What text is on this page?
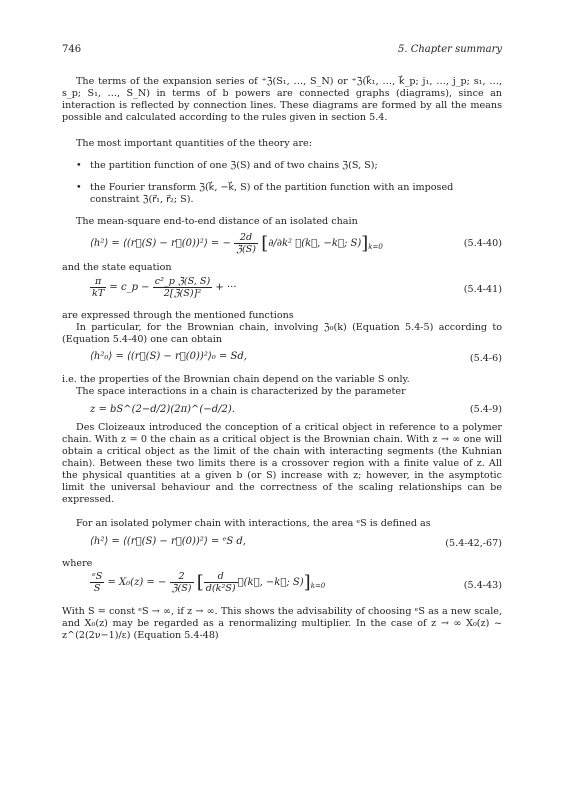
746	5. Chapter summary
The terms of the expansion series of ⁺ℨ(S₁, …, S_N) or ⁺ℨ(k⃗₁, …, k⃗_p; j₁, …, j_p; s₁, …, s_p; S₁, …, S_N) in terms of b powers are connected graphs (diagrams), since an interaction is reflected by connection lines. These diagrams are formed by all the means possible and calculated according to the rules given in section 5.4.
The most important quantities of the theory are:
• the partition function of one ℨ(S) and of two chains ℨ(S, S);
• the Fourier transform ℨ(k⃗, −k⃗, S) of the partition function with an imposed constraint ℨ(r⃗₁, r⃗₂; S).
The mean-square end-to-end distance of an isolated chain
⟨h²⟩ = ⟨(r⃗(S) − r⃗(0))²⟩ = − $\frac{2d}{\text{ℨ(S)}} [\partial/\partial k^2$ ℨ(k⃗, −k⃗; $S)]_{k=0}$	(5.4-40)
and the state equation
$\frac{\pi}{kT}$ = c_p − $\frac{\text{c²\_p ℨ(S, S)}}{\text{2[ℨ(S)]²}}$ + ···	(5.4-41)
are expressed through the mentioned functions
In particular, for the Brownian chain, involving ℨ₀(k) (Equation 5.4-5) according to (Equation 5.4-40) one can obtain
⟨h²₀⟩ = ⟨(r⃗(S) − r⃗(0))²⟩₀ = Sd,	(5.4-6)
i.e. the properties of the Brownian chain depend on the variable S only.
The space interactions in a chain is characterized by the parameter
z = bS^(2−d/2)(2π)^(−d/2).	(5.4-9)
Des Cloizeaux introduced the conception of a critical object in reference to a polymer chain. With z = 0 the chain as a critical object is the Brownian chain. With z → ∞ one will obtain a critical object as the limit of the chain with interacting segments (the Kuhnian chain). Between these two limits there is a crossover region with a finite value of z. All the physical quantities at a given b (or S) increase with z; however, in the asymptotic limit the universal behaviour and the correctness of the scaling relationships can be expressed.
For an isolated polymer chain with interactions, the area ᵉS is defined as
⟨h²⟩ = ⟨(r⃗(S) − r⃗(0))²⟩ = ᵉS d,	(5.4-42,-67)
where
$\frac{\text{ᵉS}}{S} = X_0(z)$ = − $\frac{2}{\text{ℨ(S)}}$ [ $\frac{d}{\text{d(k²S)}}$ ℨ(k⃗, −k⃗; $S)]_{k=0}$	(5.4-43)
With S = const ᵉS → ∞, if z → ∞. This shows the advisability of choosing ᵉS as a new scale, and X₀(z) may be regarded as a renormalizing multiplier. In the case of z → ∞ X₀(z) ~ z^(2(2ν−1)/ε) (Equation 5.4-48)
